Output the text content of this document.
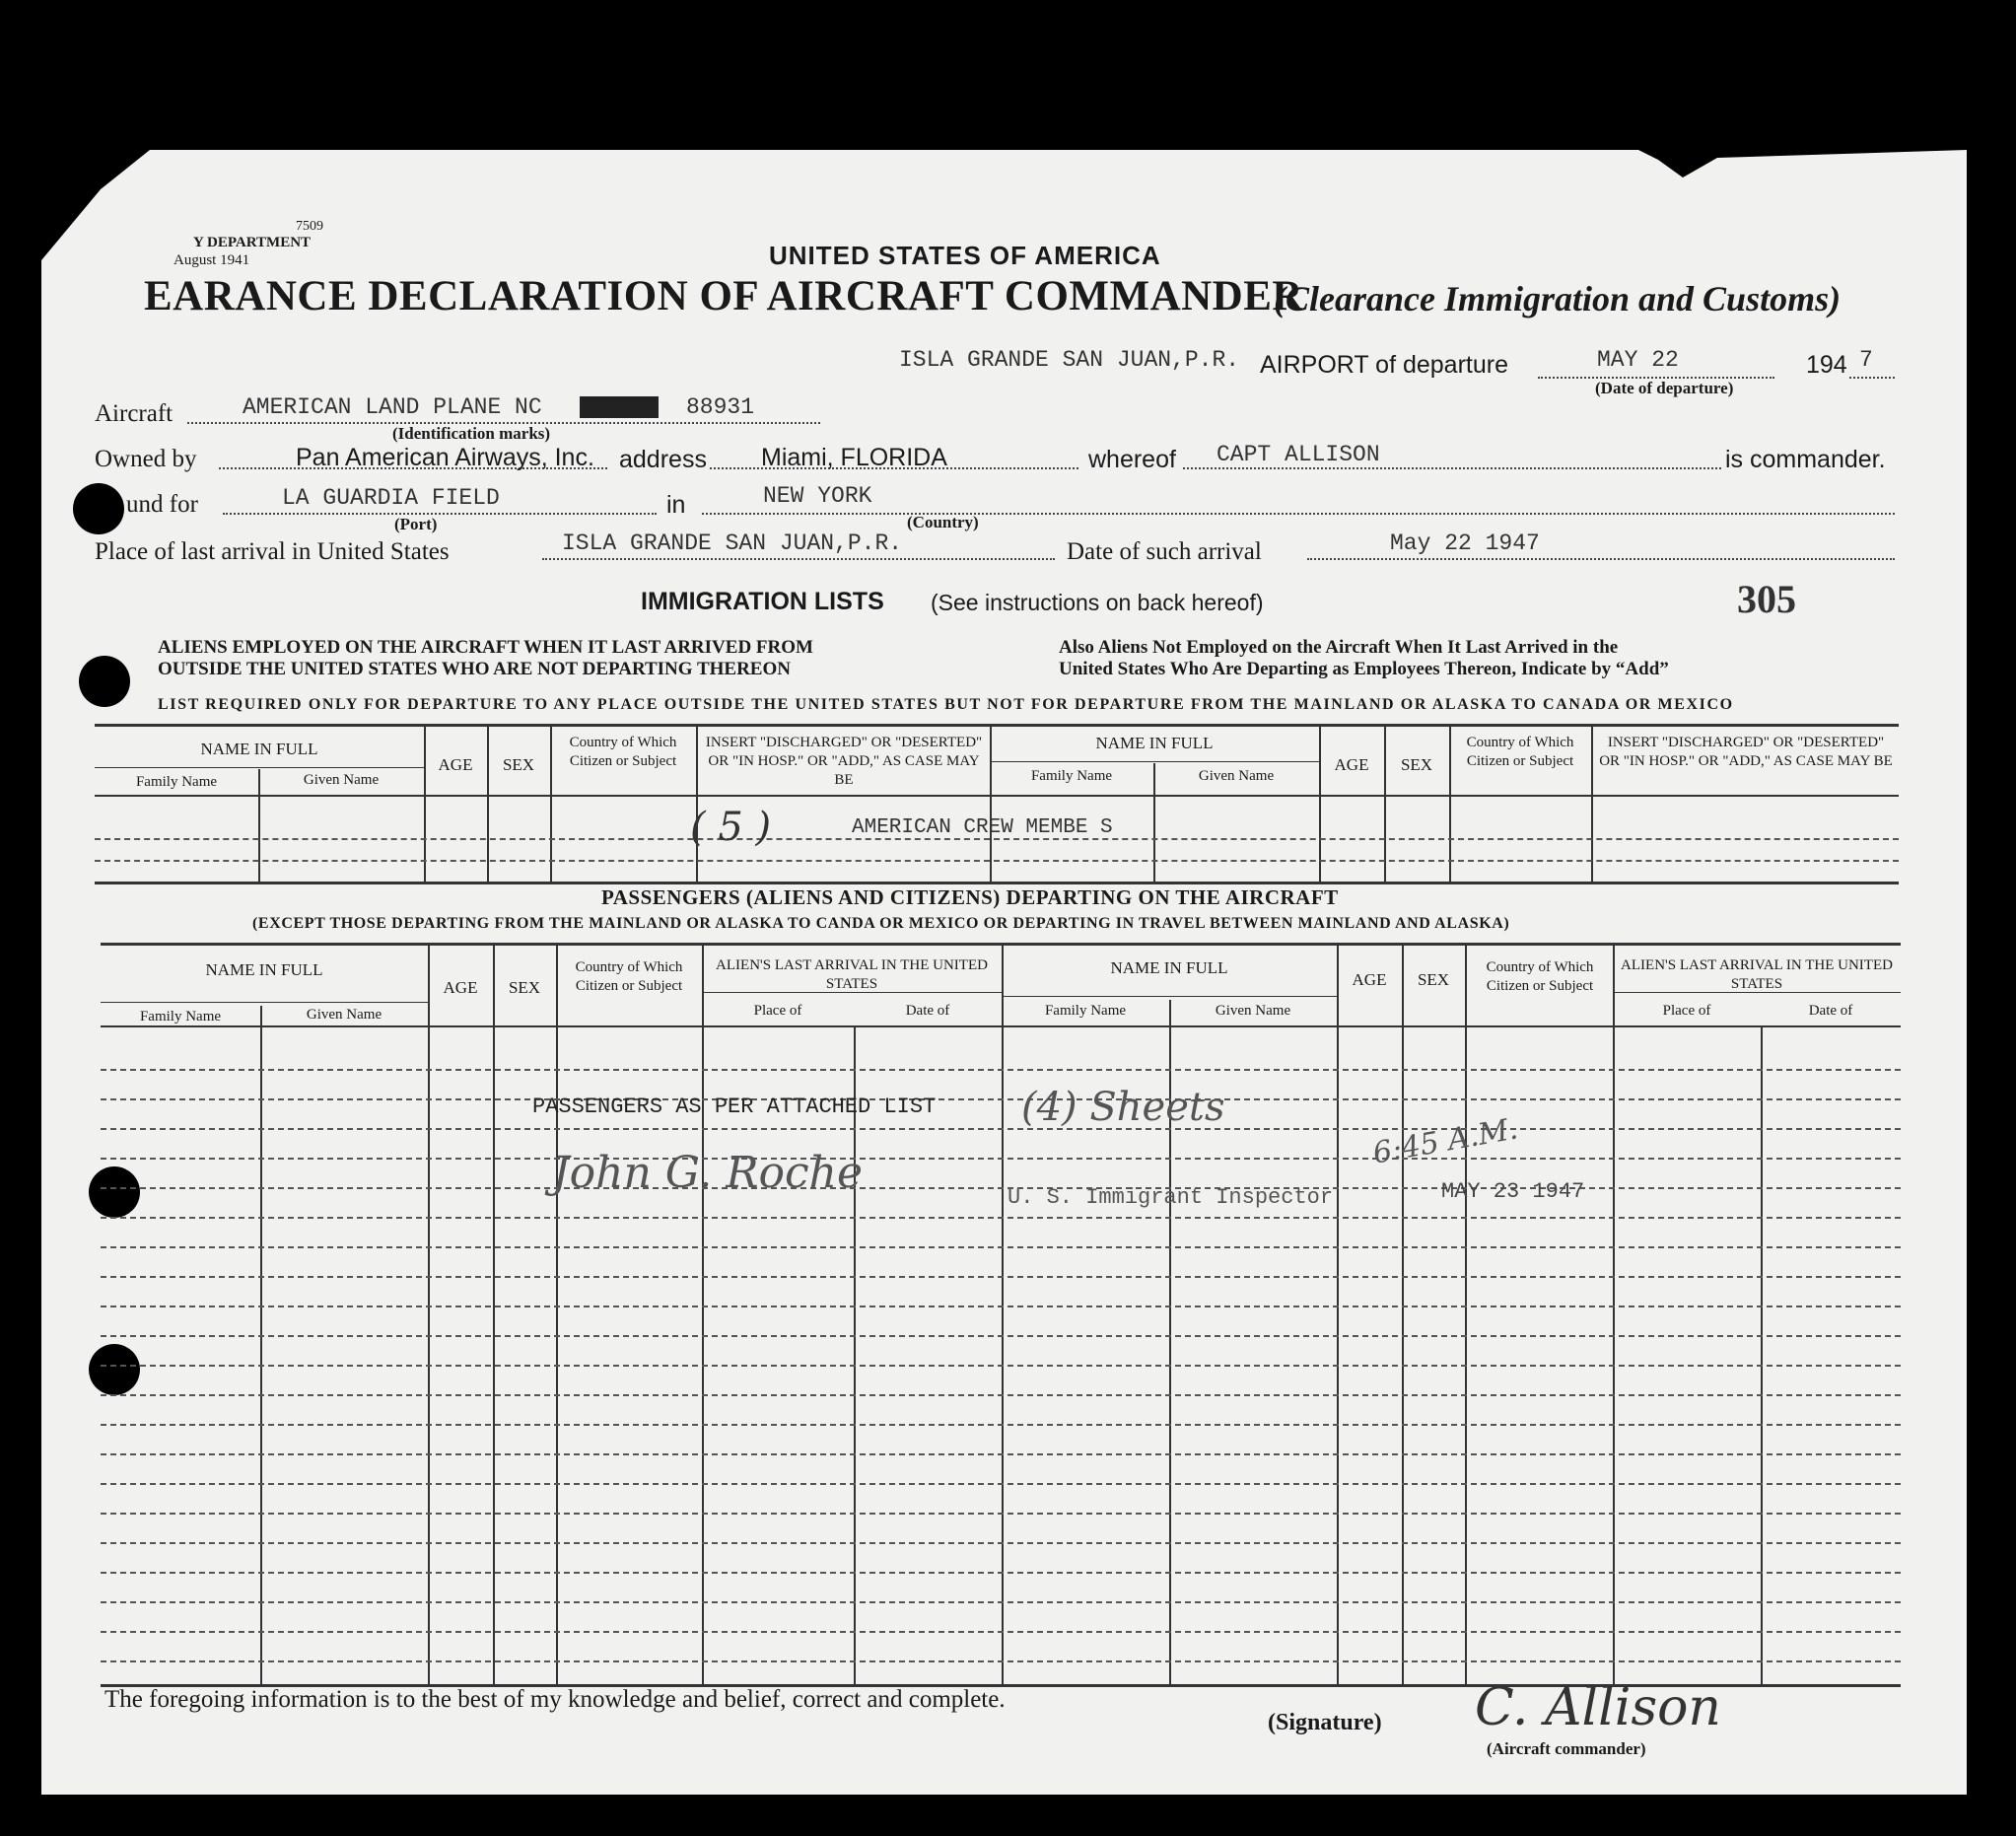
7509
Y DEPARTMENT
August 1941	UNITED STATES OF AMERICA
EARANCE DECLARATION OF AIRCRAFT COMMANDER
(Clearance Immigration and Customs)
ISLA GRANDE SAN JUAN,P.R. AIRPORT of departure	MAY 22	194 7
(Date of departure)
Aircraft	AMERICAN LAND PLANE NC	88931
(Identification marks)
Owned by	Pan American Airways, Inc. address Miami, FLORIDA	whereof CAPT ALLISON	is commander.
und for	LA GUARDIA FIELD	in	NEW YORK
(Port)	(Country)
Place of last arrival in United States	ISLA GRANDE SAN JUAN,P.R.	Date of such arrival	May 22 1947
IMMIGRATION LISTS (See instructions on back hereof)	305
ALIENS EMPLOYED ON THE AIRCRAFT WHEN IT LAST ARRIVED FROM
OUTSIDE THE UNITED STATES WHO ARE NOT DEPARTING THEREON
Also Aliens Not Employed on the Aircraft When It Last Arrived in the
United States Who Are Departing as Employees Thereon, Indicate by “Add”
LIST REQUIRED ONLY FOR DEPARTURE TO ANY PLACE OUTSIDE THE UNITED STATES BUT NOT FOR DEPARTURE FROM THE MAINLAND OR ALASKA TO CANADA OR MEXICO
NAME IN FULL
Family Name	Given Name
AGE	SEX
Country of Which Citizen or Subject
INSERT "DISCHARGED" OR "DESERTED" OR "IN HOSP." OR "ADD," AS CASE MAY BE
NAME IN FULL
Family Name	Given Name
AGE	SEX
Country of Which Citizen or Subject
INSERT "DISCHARGED" OR "DESERTED" OR "IN HOSP." OR "ADD," AS CASE MAY BE
( 5 )	AMERICAN CREW MEMBE S
PASSENGERS (ALIENS AND CITIZENS) DEPARTING ON THE AIRCRAFT
(EXCEPT THOSE DEPARTING FROM THE MAINLAND OR ALASKA TO CANDA OR MEXICO OR DEPARTING IN TRAVEL BETWEEN MAINLAND AND ALASKA)
NAME IN FULL
Family Name	Given Name
AGE	SEX
Country of Which Citizen or Subject
ALIEN'S LAST ARRIVAL IN THE UNITED STATES
Place of	Date of
NAME IN FULL
Family Name	Given Name
AGE	SEX
Country of Which Citizen or Subject
ALIEN'S LAST ARRIVAL IN THE UNITED STATES
Place of	Date of
PASSENGERS AS PER ATTACHED LIST (4) Sheets
John G. Roche	U. S. Immigrant Inspector
6:45 A.M.
MAY 23 1947
The foregoing information is to the best of my knowledge and belief, correct and complete.
(Signature) C. Allison
(Aircraft commander)
